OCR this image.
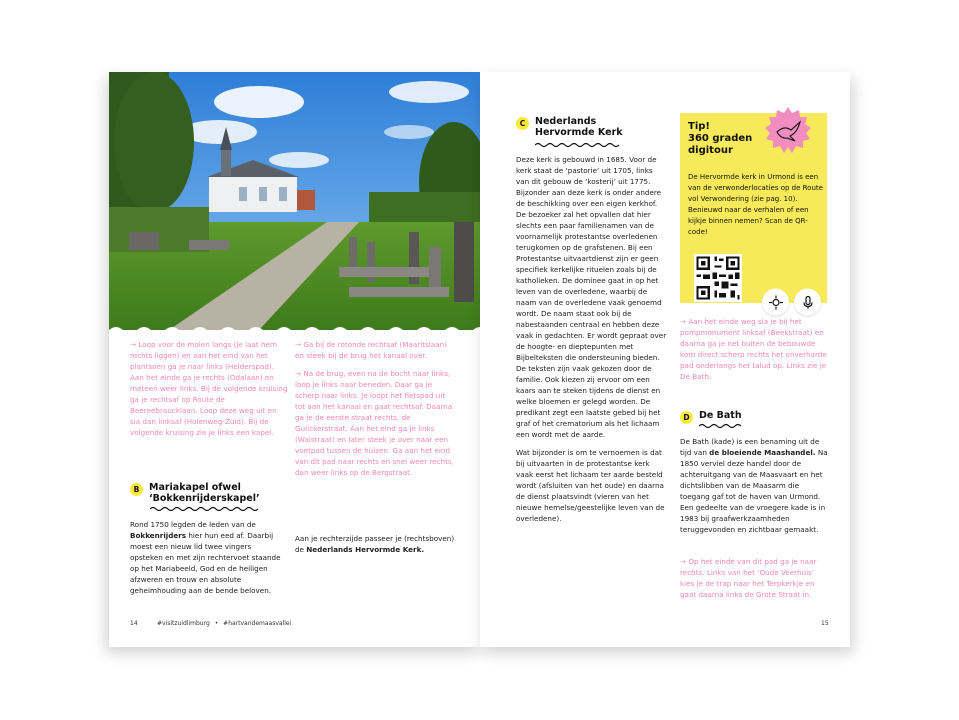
→ Loop voor de molen langs (je laat hem rechts liggen) en aan het eind van het plantsoen ga je naar links (Helderspad). Aan het einde ga je rechts (Odalaan) en meteen weer links. Bij de volgende kruising ga je rechtsaf op Route de Beereebraucklaan. Loop deze weg uit en sla dan linksaf (Holenweg-Zuid). Bij de volgende kruising zie je links een kapel.

→ Ga bij de rotonde rechtsaf (Maaritslaan) en steek bij de brug het kanaal over.

→ Na de brug, even na de bocht naar links, loop je links naar beneden. Daar ga je scherp naar links. Je loopt het fietspad uit tot aan het kanaal en gaat rechtsaf. Daarna ga je de eerste straat rechts, de Gulickerstraat. Aan het eind ga je links (Walstraat) en later steek je over naar een voetpad tussen de huizen. Ga aan het eind van dit pad naar rechts en snel weer rechts, dan weer links op de Bergstraat.

B	Mariakapel ofwel
‘Bokkenrijderskapel’
Rond 1750 legden de leden van de Bokkenrijders hier hun eed af. Daarbij moest een nieuw lid twee vingers opsteken en met zijn rechtervoet staande op het Mariabeeld, God en de heiligen afzweren en trouw en absolute geheimhouding aan de bende beloven.
Aan je rechterzijde passeer je (rechtsboven) de Nederlands Hervormde Kerk.
14	#visitzuidlimburg • #hartvandemaasvallei
C	Nederlands
Hervormde Kerk

Deze kerk is gebouwd in 1685. Voor de kerk staat de ‘pastorie’ uit 1705, links van dit gebouw de ‘kosterij’ uit 1775. Bijzonder aan deze kerk is onder andere de beschikking over een eigen kerkhof. De bezoeker zal het opvallen dat hier slechts een paar familienamen van de voornamelijk protestantse overledenen terugkomen op de grafstenen. Bij een Protestantse uitvaartdienst zijn er geen specifiek kerkelijke rituelen zoals bij de katholieken. De dominee gaat in op het leven van de overledene, waarbij de naam van de overledene vaak genoemd wordt. De naam staat ook bij de nabestaanden centraal en hebben deze vaak in gedachten. Er wordt gepraat over de hoogte- en dieptepunten met Bijbelteksten die ondersteuning bieden. De teksten zijn vaak gekozen door de familie. Ook kiezen zij ervoor om een kaars aan te steken tijdens de dienst en welke bloemen er gelegd worden. De predikant zegt een laatste gebed bij het graf of het crematorium als het lichaam een wordt met de aarde.

Wat bijzonder is om te vernoemen is dat bij uitvaarten in de protestantse kerk vaak eerst het lichaam ter aarde besteld wordt (afsluiten van het oude) en daarna de dienst plaatsvindt (vieren van het nieuwe hemelse/geestelijke leven van de overledene).

Tip!
360 graden
digitour
De Hervormde kerk in Urmond is een van de verwonderlocaties op de Route vol Verwondering (zie pag. 10). Benieuwd naar de verhalen of een kijkje binnen nemen? Scan de QR-code!
→ Aan het einde weg sla je bij het pompmonument linksaf (Beekstraat) en daarna ga je net buiten de bebouwde kom direct scherp rechts het onverharde pad onderlangs het talud op. Links zie je De Bath.
D De Bath
De Bath (kade) is een benaming uit de tijd van de bloeiende Maashandel. Na 1850 verviel deze handel door de achteruitgang van de Maasvaart en het dichtslibben van de Maasarm die toegang gaf tot de haven van Urmond. Een gedeelte van de vroegere kade is in 1983 bij graafwerkzaamheden teruggevonden en zichtbaar gemaakt.
→ Op het einde van dit pad ga je naar rechts. Links van het ‘Oude Veerhuis’ kies je de trap naar het Terpkerkje en gaat daarna links de Grote Straat in.
15
